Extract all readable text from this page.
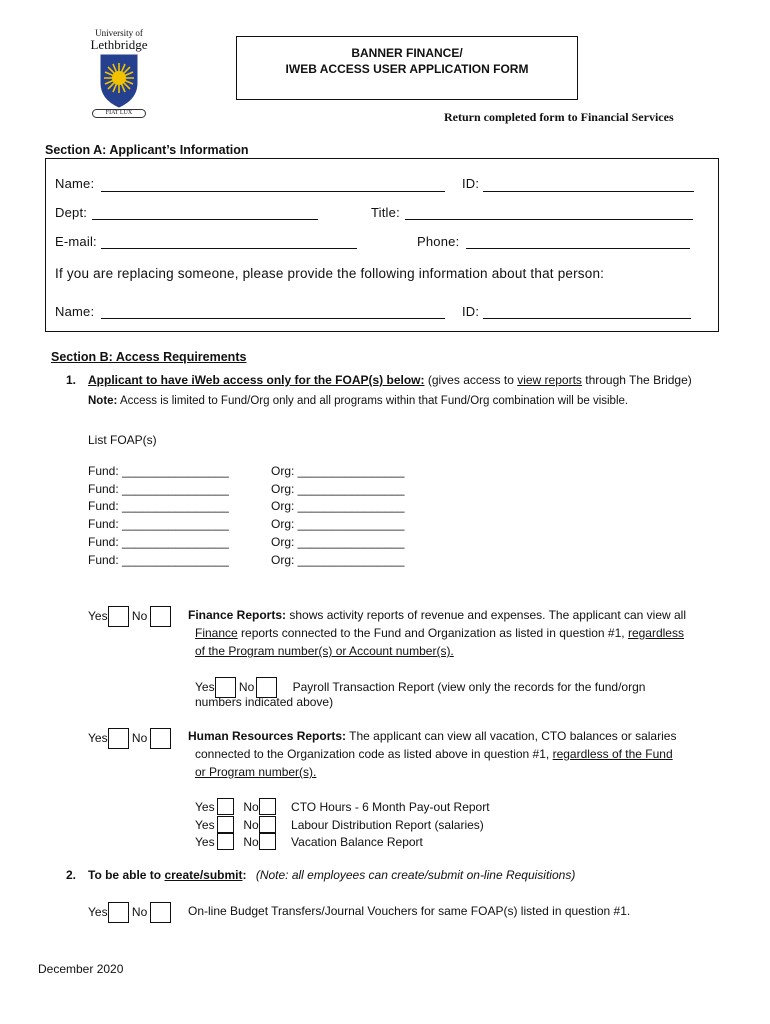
University of
Lethbridge
FIAT LUX
BANNER FINANCE/
IWEB ACCESS USER APPLICATION FORM
Return completed form to Financial Services
Section A: Applicant’s Information
Name:	ID:
Dept:	Title:
E-mail:	Phone:
If you are replacing someone, please provide the following information about that person:
Name:	ID:
Section B: Access Requirements
1. Applicant to have iWeb access only for the FOAP(s) below: (gives access to view reports through The Bridge)
Note: Access is limited to Fund/Org only and all programs within that Fund/Org combination will be visible.
List FOAP(s)
Fund: ________________	Org: ________________
Fund: ________________	Org: ________________
Fund: ________________	Org: ________________
Fund: ________________	Org: ________________
Fund: ________________	Org: ________________
Fund: ________________	Org: ________________
Yes No	Finance Reports: shows activity reports of revenue and expenses. The applicant can view all
Finance reports connected to the Fund and Organization as listed in question #1, regardless
of the Program number(s) or Account number(s).
Yes No	Payroll Transaction Report (view only the records for the fund/orgn
numbers indicated above)
Yes No	Human Resources Reports: The applicant can view all vacation, CTO balances or salaries
connected to the Organization code as listed above in question #1, regardless of the Fund
or Program number(s).
Yes No	CTO Hours - 6 Month Pay-out Report
Yes No	Labour Distribution Report (salaries)
Yes No	Vacation Balance Report
2. To be able to create/submit: (Note: all employees can create/submit on-line Requisitions)
Yes No	On-line Budget Transfers/Journal Vouchers for same FOAP(s) listed in question #1.
December 2020
